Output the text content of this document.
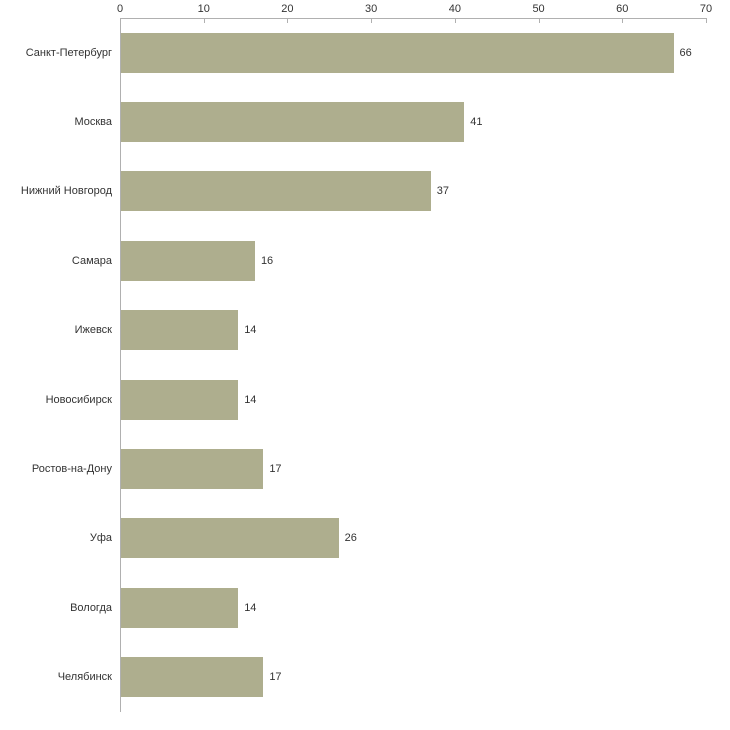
0	10	20	30	40	50	60	70
Санкт-Петербург	66
Москва	41
Нижний Новгород	37
Самара	16
Ижевск	14
Новосибирск	14
Ростов-на-Дону	17
Уфа	26
Вологда	14
Челябинск	17
